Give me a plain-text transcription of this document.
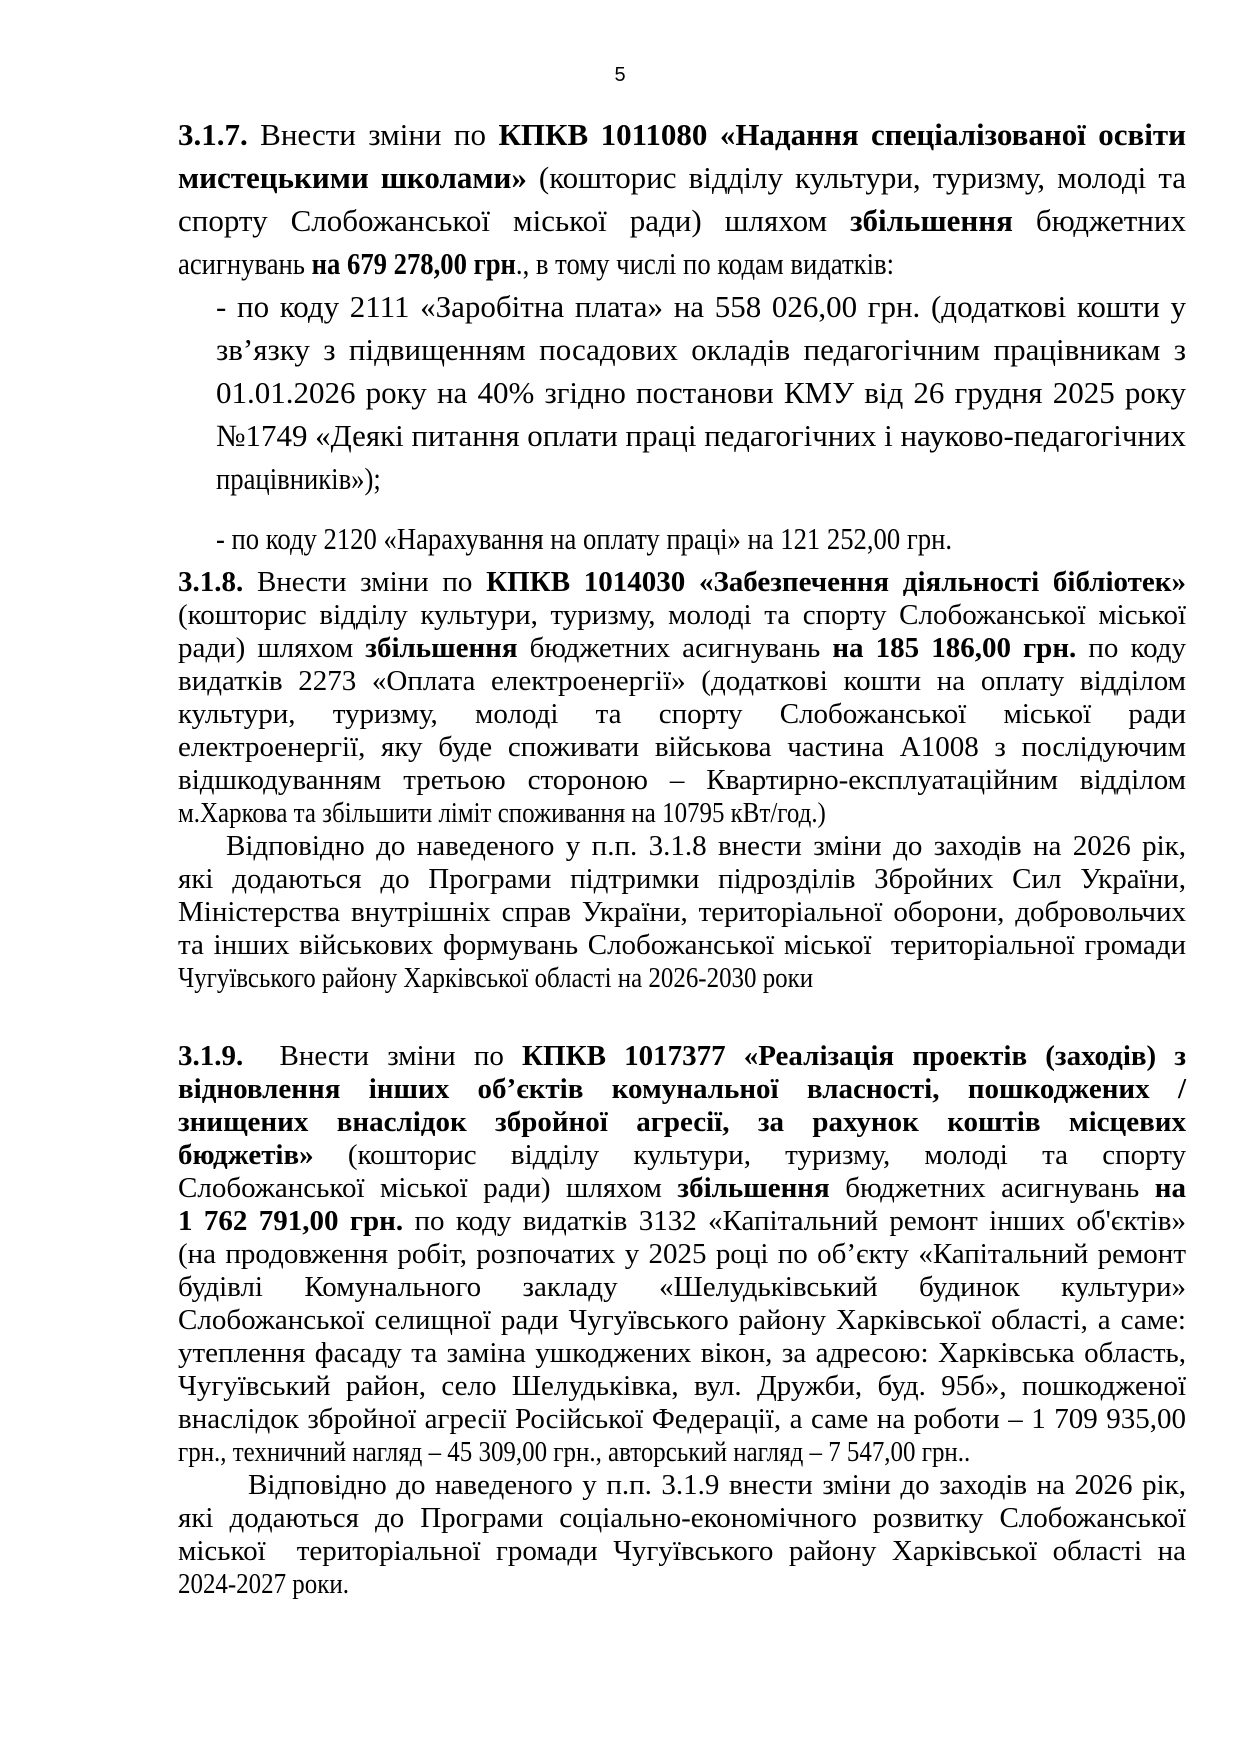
5
3.1.7. Внести зміни по КПКВ 1011080 «Надання спеціалізованої освіти
мистецькими школами» (кошторис відділу культури, туризму, молоді та
спорту Слобожанської міської ради) шляхом збільшення бюджетних
асигнувань на 679 278,00 грн., в тому числі по кодам видатків:
- по коду 2111 «Заробітна плата» на 558 026,00 грн. (додаткові кошти у
зв’язку з підвищенням посадових окладів педагогічним працівникам з
01.01.2026 року на 40% згідно постанови КМУ від 26 грудня 2025 року
№1749 «Деякі питання оплати праці педагогічних і науково-педагогічних
працівників»);
- по коду 2120 «Нарахування на оплату праці» на 121 252,00 грн.
3.1.8. Внести зміни по КПКВ 1014030 «Забезпечення діяльності бібліотек»
(кошторис відділу культури, туризму, молоді та спорту Слобожанської міської
ради) шляхом збільшення бюджетних асигнувань на 185 186,00 грн. по коду
видатків 2273 «Оплата електроенергії» (додаткові кошти на оплату відділом
культури, туризму, молоді та спорту Слобожанської міської ради
електроенергії, яку буде споживати військова частина А1008 з послідуючим
відшкодуванням третьою стороною – Квартирно-експлуатаційним відділом
м.Харкова та збільшити ліміт споживання на 10795 кВт/год.)
Відповідно до наведеного у п.п. 3.1.8 внести зміни до заходів на 2026 рік,
які додаються до Програми підтримки підрозділів Збройних Сил України,
Міністерства внутрішніх справ України, територіальної оборони, добровольчих
та інших військових формувань Слобожанської міської  територіальної громади
Чугуївського району Харківської області на 2026-2030 роки
3.1.9.  Внести зміни по КПКВ 1017377 «Реалізація проектів (заходів) з
відновлення інших об’єктів комунальної власності, пошкоджених /
знищених внаслідок збройної агресії, за рахунок коштів місцевих
бюджетів» (кошторис відділу культури, туризму, молоді та спорту
Слобожанської міської ради) шляхом збільшення бюджетних асигнувань на
1 762 791,00 грн. по коду видатків 3132 «Капітальний ремонт інших об'єктів»
(на продовження робіт, розпочатих у 2025 році по об’єкту «Капітальний ремонт
будівлі Комунального закладу «Шелудьківський будинок культури»
Слобожанської селищної ради Чугуївського району Харківської області, а саме:
утеплення фасаду та заміна ушкоджених вікон, за адресою: Харківська область,
Чугуївський район, село Шелудьківка, вул. Дружби, буд. 95б», пошкодженої
внаслідок збройної агресії Російської Федерації, а саме на роботи – 1 709 935,00
грн., техничний нагляд – 45 309,00 грн., авторський нагляд – 7 547,00 грн..
Відповідно до наведеного у п.п. 3.1.9 внести зміни до заходів на 2026 рік,
які додаються до Програми соціально-економічного розвитку Слобожанської
міської  територіальної громади Чугуївського району Харківської області на
2024-2027 роки.
